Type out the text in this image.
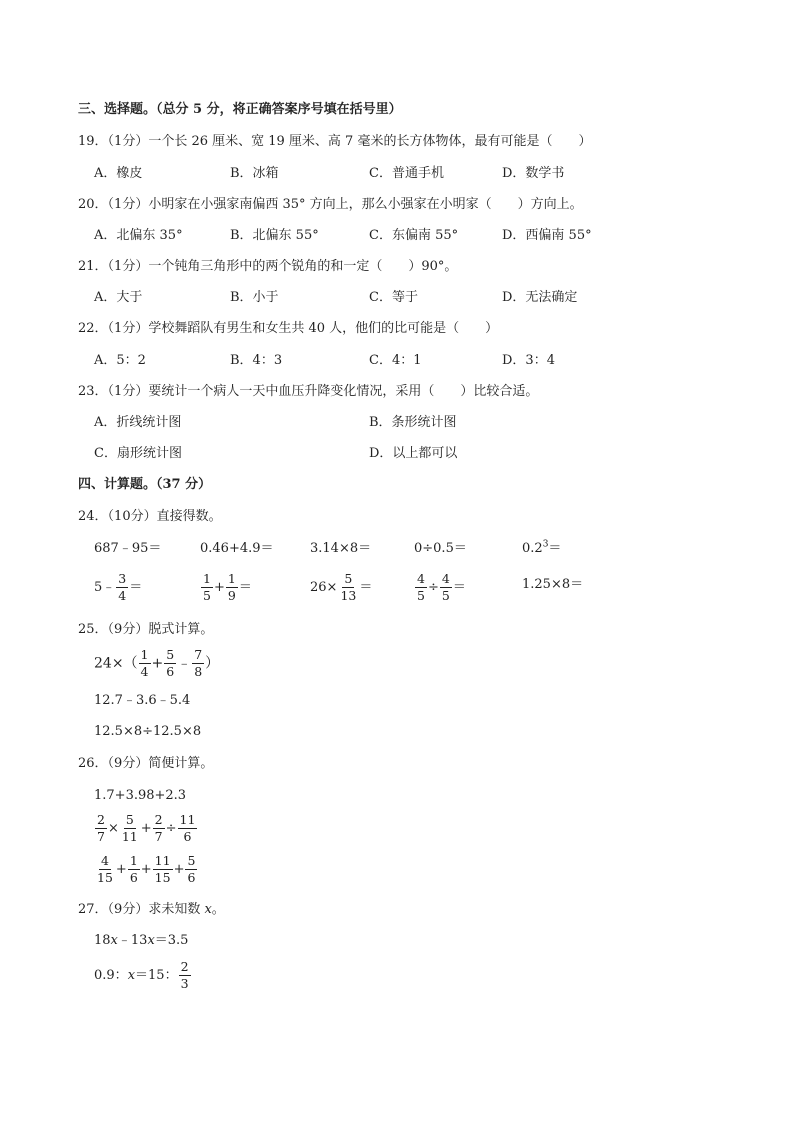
三、选择题。（总分 5 分，将正确答案序号填在括号里）
19．（1分）一个长 26 厘米、宽 19 厘米、高 7 毫米的长方体物体，最有可能是（　　）
A．橡皮	B．冰箱	C．普通手机	D．数学书
20．（1分）小明家在小强家南偏西 35° 方向上，那么小强家在小明家（　　）方向上。
A．北偏东 35°	B．北偏东 55°	C．东偏南 55°	D．西偏南 55°
21．（1分）一个钝角三角形中的两个锐角的和一定（　　）90°。
A．大于	B．小于	C．等于	D．无法确定
22．（1分）学校舞蹈队有男生和女生共 40 人，他们的比可能是（　　）
A．5：2	B．4：3	C．4：1	D．3：4
23．（1分）要统计一个病人一天中血压升降变化情况，采用（　　）比较合适。
A．折线统计图	B．条形统计图
C．扇形统计图	D．以上都可以
四、计算题。（37 分）
24．（10分）直接得数。
687﹣95＝	0.46+4.9＝	3.14×8＝	0÷0.5＝	$0.2^3=$
5﹣ $\frac{3}{4}$ ＝	$\frac{1}{5} + \frac{1}{9}$ ＝	$26\times \frac{5}{13}$ ＝	$\frac{4}{5} \div \frac{4}{5}$ ＝	1.25×8＝
25．（9分）脱式计算。
$24\times( \frac{1}{4} + \frac{5}{6}$ ﹣ $\frac{7}{8}$ ）
12.7﹣3.6﹣5.4
12.5×8÷12.5×8
26．（9分）简便计算。
1.7+3.98+2.3
$\frac{2}{7} \times \frac{5}{11} + \frac{2}{7} \div \frac{11}{6}$
$\frac{4}{15} + \frac{1}{6} + \frac{11}{15} + \frac{5}{6}$
27．（9分）求未知数 x。
18x﹣13x＝3.5
0.9：x＝15： $\frac{2}{3}$
